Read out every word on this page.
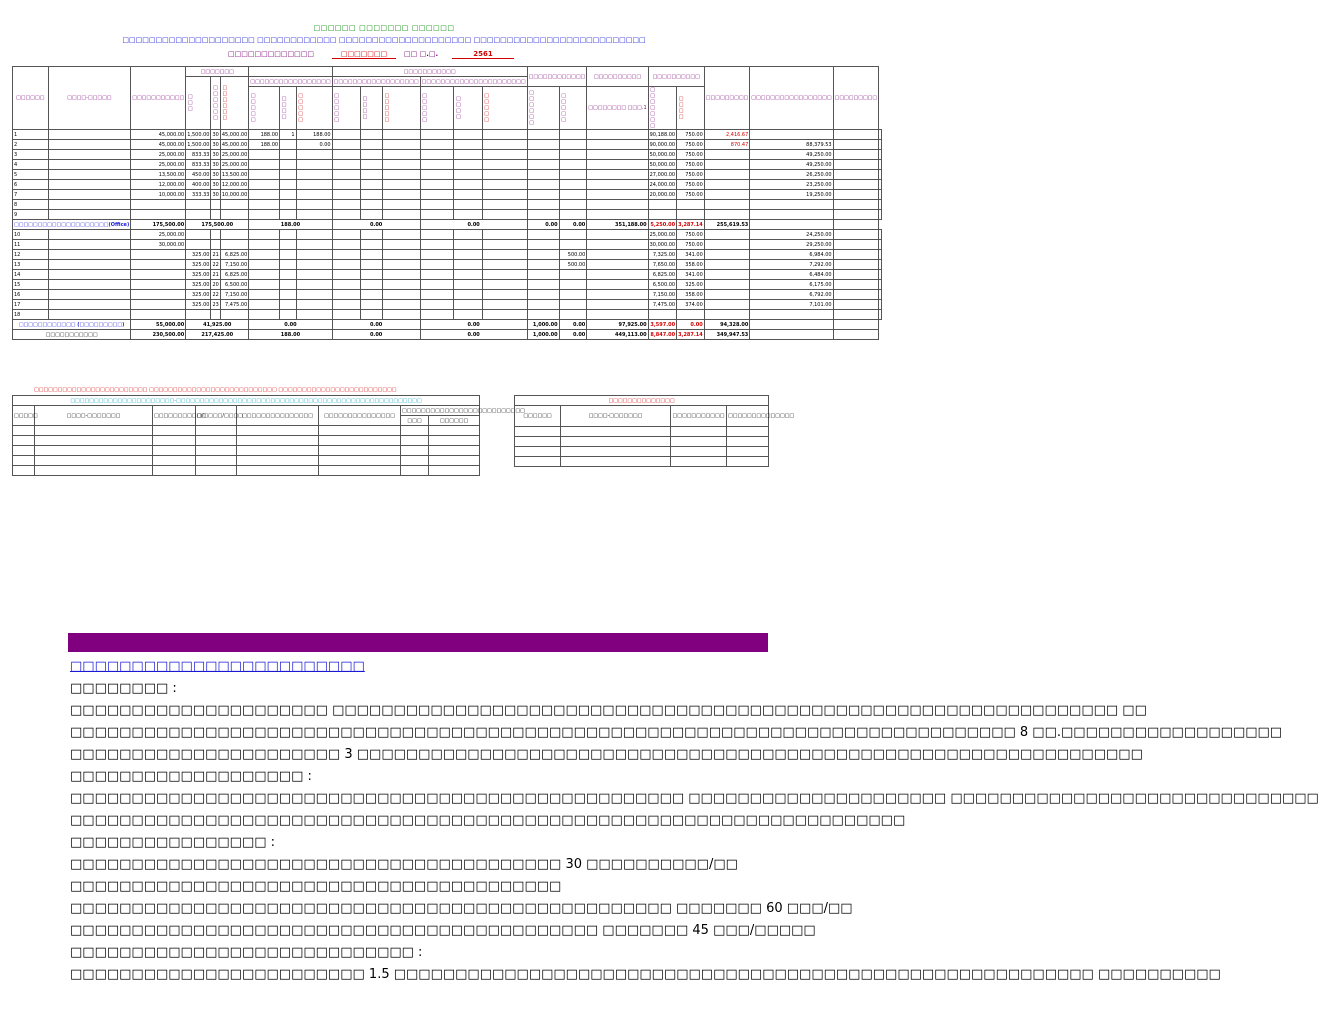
□□□□□□ □□□□□□□ □□□□□□
□□□□□□□□□□□□□□□□□□□□ □□□□□□□□□□□□ □□□□□□□□□□□□□□□□□□□□ □□□□□□□□□□□□□□□□□□□□□□□□□□
□□□□□□□□□□□□□	□□□□□□□	□□ □.□.	2561
□□□□□□	□□□□-□□□□□	□□□□□□□□□□□	□□□□□□□						□□□□□□□□□□□						□□□□□□□□□□□□		□□□□□□□□□□	□□□□□□□□□□		□□□□□□□□□	□□□□□□□□□□□□□□□□□	□□□□□□□□□	

			□□□	□□□□□□	□□□□□□	□□□□□□□□□□□□□□□□□			□□□□□□□□□□□□□□□□□□			□□□□□□□□□□□□□□□□□□□□□□											

						□□□□□	□□□□	□□□□□	□□□□□	□□□□	□□□□□	□□□□□	□□□□	□□□□□	□□□□□□	□□□□□	□□□□□□□□ □□□.1	□□□□□□□	□□□□				

1		45,000.00	1,500.00	30	45,000.00	188.00	1	188.00										90,188.00	750.00	2,416.67			
2		45,000.00	1,500.00	30	45,000.00	188.00		0.00										90,000.00	750.00	870.47	88,379.53		
3		25,000.00	833.33	30	25,000.00													50,000.00	750.00		49,250.00		
4		25,000.00	833.33	30	25,000.00													50,000.00	750.00		49,250.00		
5		13,500.00	450.00	30	13,500.00													27,000.00	750.00		26,250.00		
6		12,000.00	400.00	30	12,000.00													24,000.00	750.00		23,250.00		
7		10,000.00	333.33	30	10,000.00													20,000.00	750.00		19,250.00		
8																							
9																							
□□□□□□□□□□□□□□□□□□□□(Office)		175,500.00	175,500.00			188.00			0.00			0.00			0.00	0.00	351,188.00	5,250.00	3,287.14	255,619.53			
10		25,000.00																25,000.00	750.00		24,250.00		
11		30,000.00																30,000.00	750.00		29,250.00		
12			325.00	21	6,825.00											500.00		7,325.00	341.00		6,984.00		
13			325.00	22	7,150.00											500.00		7,650.00	358.00		7,292.00		
14			325.00	21	6,825.00													6,825.00	341.00		6,484.00		
15			325.00	20	6,500.00													6,500.00	325.00		6,175.00		
16			325.00	22	7,150.00													7,150.00	358.00		6,792.00		
17			325.00	23	7,475.00													7,475.00	374.00		7,101.00		
18																							
□□□□□□□□□□□□ (□□□□□□□□□)		55,000.00	41,925.00			0.00			0.00			0.00			1,000.00	0.00	97,925.00	3,597.00	0.00	94,328.00			
□□□□□□□□□□□		230,500.00	217,425.00			188.00			0.00			0.00			1,000.00	0.00	449,113.00	8,847.00	3,287.14	349,947.53			
□□□□□□□□□□□□□□□□□□□□□□□□ □□□□□□□□□□□□□□□□□□□□□□□□□□□ □□□□□□□□□□□□□□□□□□□□□□□□□
□□□□□□□□□□□□□□□□□□□□□□-□□□□□□□□□□□□□□□□□□□□□□□□□□□□□□□□□□□□□□□□□□□□□□□□□□□□							
□□□□□	□□□□-□□□□□□□	□□□□□□□□□□□	□/□□□□/□□□□	□□□□□□□□□□□□□□□	□□□□□□□□□□□□□□□	□□□□□□□□□□□□□□□□□□□□□□□□□□	
						□□□	□□□□□□

□□□□□□□□□□□□□□			
□□□□□□	□□□□-□□□□□□□	□□□□□□□□□□□	□□□□□□□□□□□□□□

□□□□□□□□□□□□□□□□□□□□□□□□
□□□□□□□□ :
□□□□□□□□□□□□□□□□□□□□□ □□□□□□□□□□□□□□□□□□□□□□□□□□□□□□□□□□□□□□□□□□□□□□□□□□□□□□□□□□□□□□□□ □□
□□□□□□□□□□□□□□□□□□□□□□□□□□□□□□□□□□□□□□□□□□□□□□□□□□□□□□□□□□□□□□□□□□□□□□□□□□□□□ 8 □□.□□□□□□□□□□□□□□□□□□
□□□□□□□□□□□□□□□□□□□□□□ 3 □□□□□□□□□□□□□□□□□□□□□□□□□□□□□□□□□□□□□□□□□□□□□□□□□□□□□□□□□□□□□□□□
□□□□□□□□□□□□□□□□□□□ :
□□□□□□□□□□□□□□□□□□□□□□□□□□□□□□□□□□□□□□□□□□□□□□□□□□ □□□□□□□□□□□□□□□□□□□□□ □□□□□□□□□□□□□□□□□□□□□□□□□□□□□□
□□□□□□□□□□□□□□□□□□□□□□□□□□□□□□□□□□□□□□□□□□□□□□□□□□□□□□□□□□□□□□□□□□□□
□□□□□□□□□□□□□□□□ :
□□□□□□□□□□□□□□□□□□□□□□□□□□□□□□□□□□□□□□□□ 30 □□□□□□□□□□/□□
□□□□□□□□□□□□□□□□□□□□□□□□□□□□□□□□□□□□□□□□
□□□□□□□□□□□□□□□□□□□□□□□□□□□□□□□□□□□□□□□□□□□□□□□□□ □□□□□□□ 60 □□□/□□
□□□□□□□□□□□□□□□□□□□□□□□□□□□□□□□□□□□□□□□□□□□ □□□□□□□ 45 □□□/□□□□□
□□□□□□□□□□□□□□□□□□□□□□□□□□□□ :
□□□□□□□□□□□□□□□□□□□□□□□□ 1.5 □□□□□□□□□□□□□□□□□□□□□□□□□□□□□□□□□□□□□□□□□□□□□□□□□□□□□□□□□ □□□□□□□□□□
